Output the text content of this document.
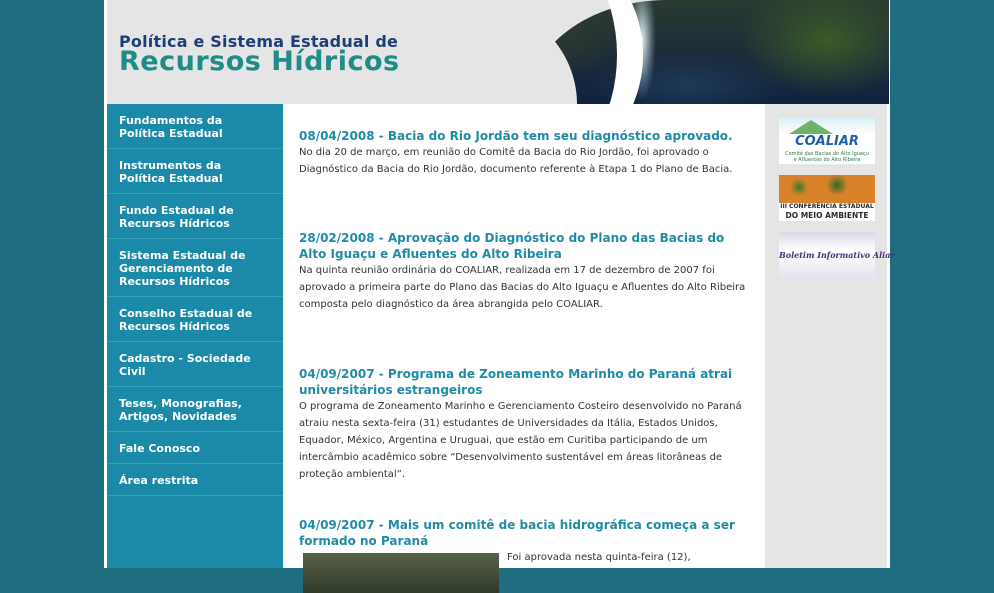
Política e Sistema Estadual de
Recursos Hídricos
Fundamentos da
Política Estadual
Instrumentos da
Política Estadual
Fundo Estadual de
Recursos Hídricos
Sistema Estadual de
Gerenciamento de
Recursos Hídricos
Conselho Estadual de
Recursos Hídricos
Cadastro - Sociedade
Civil
Teses, Monografias,
Artigos, Novidades
Fale Conosco
Área restrita
08/04/2008 - Bacia do Rio Jordão tem seu diagnóstico aprovado.
No dia 20 de março, em reunião do Comitê da Bacia do Rio Jordão, foi aprovado o Diagnóstico da Bacia do Rio Jordão, documento referente à Etapa 1 do Plano de Bacia.
28/02/2008 - Aprovação do Diagnóstico do Plano das Bacias do Alto Iguaçu e Afluentes do Alto Ribeira
Na quinta reunião ordinária do COALIAR, realizada em 17 de dezembro de 2007 foi aprovado a primeira parte do Plano das Bacias do Alto Iguaçu e Afluentes do Alto Ribeira composta pelo diagnóstico da área abrangida pelo COALIAR.
04/09/2007 - Programa de Zoneamento Marinho do Paraná atrai universitários estrangeiros
O programa de Zoneamento Marinho e Gerenciamento Costeiro desenvolvido no Paraná atraiu nesta sexta-feira (31) estudantes de Universidades da Itália, Estados Unidos, Equador, México, Argentina e Uruguai, que estão em Curitiba participando de um intercâmbio acadêmico sobre “Desenvolvimento sustentável em áreas litorâneas de proteção ambiental”.
04/09/2007 - Mais um comitê de bacia hidrográfica começa a ser formado no Paraná
Foi aprovada nesta quinta-feira (12),
COALIAR
Comitê das Bacias do Alto Iguaçu e Afluentes do Alto Ribeira
III CONFERÊNCIA ESTADUAL
DO MEIO AMBIENTE
Boletim Informativo Aliar
